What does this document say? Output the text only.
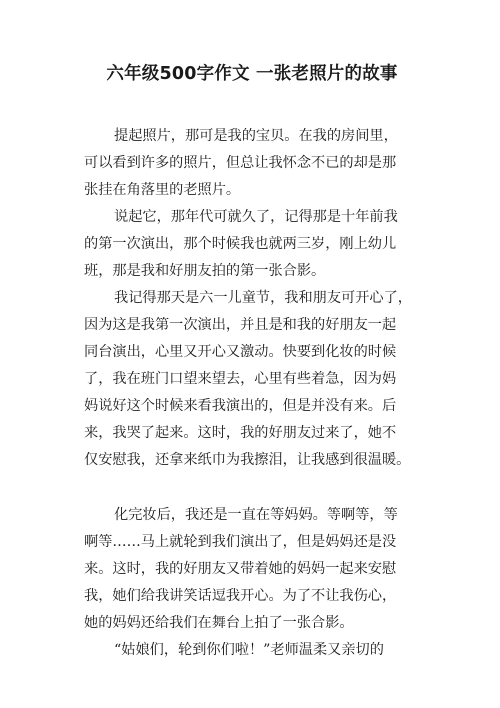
六年级500字作文 一张老照片的故事
提起照片，那可是我的宝贝。在我的房间里，
可以看到许多的照片，但总让我怀念不已的却是那
张挂在角落里的老照片。
说起它，那年代可就久了，记得那是十年前我
的第一次演出，那个时候我也就两三岁，刚上幼儿
班，那是我和好朋友拍的第一张合影。
我记得那天是六一儿童节，我和朋友可开心了，
因为这是我第一次演出，并且是和我的好朋友一起
同台演出，心里又开心又激动。快要到化妆的时候
了，我在班门口望来望去，心里有些着急，因为妈
妈说好这个时候来看我演出的，但是并没有来。后
来，我哭了起来。这时，我的好朋友过来了，她不
仅安慰我，还拿来纸巾为我擦泪，让我感到很温暖。
化完妆后，我还是一直在等妈妈。等啊等，等
啊等……马上就轮到我们演出了，但是妈妈还是没
来。这时，我的好朋友又带着她的妈妈一起来安慰
我，她们给我讲笑话逗我开心。为了不让我伤心，
她的妈妈还给我们在舞台上拍了一张合影。
“姑娘们，轮到你们啦！”老师温柔又亲切的
